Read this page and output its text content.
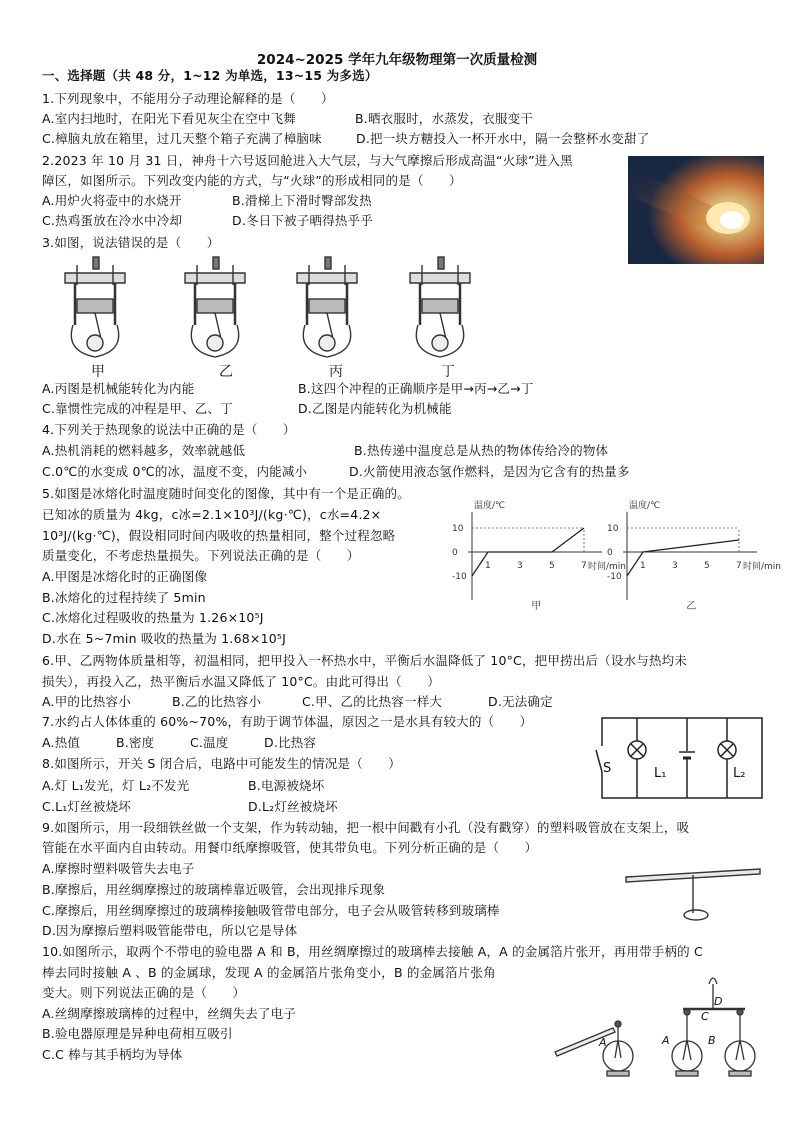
2024~2025 学年九年级物理第一次质量检测
一、选择题（共 48 分，1~12 为单选，13~15 为多选）
1.下列现象中，不能用分子动理论解释的是（　　）
A.室内扫地时，在阳光下看见灰尘在空中飞舞	B.晒衣服时，水蒸发，衣服变干
C.樟脑丸放在箱里，过几天整个箱子充满了樟脑味	D.把一块方糖投入一杯开水中，隔一会整杯水变甜了
2.2023 年 10 月 31 日，神舟十六号返回舱进入大气层，与大气摩擦后形成高温“火球”进入黑
障区，如图所示。下列改变内能的方式，与“火球”的形成相同的是（　　）
A.用炉火将壶中的水烧开	B.滑梯上下滑时臀部发热
C.热鸡蛋放在冷水中冷却	D.冬日下被子晒得热乎乎
3.如图，说法错误的是（　　）
甲	乙	丙	丁
A.丙图是机械能转化为内能	B.这四个冲程的正确顺序是甲→丙→乙→丁
C.靠惯性完成的冲程是甲、乙、丁	D.乙图是内能转化为机械能
4.下列关于热现象的说法中正确的是（　　）
A.热机消耗的燃料越多，效率就越低	B.热传递中温度总是从热的物体传给冷的物体
C.0℃的水变成 0℃的冰，温度不变，内能减小	D.火箭使用液态氢作燃料，是因为它含有的热量多
5.如图是冰熔化时温度随时间变化的图像，其中有一个是正确的。
已知冰的质量为 4kg，c冰=2.1×10³J/(kg·℃)，c水=4.2×
10³J/(kg·℃)，假设相同时间内吸收的热量相同，整个过程忽略
质量变化，不考虑热量损失。下列说法正确的是（　　）
A.甲图是冰熔化时的正确图像
B.冰熔化的过程持续了 5min
C.冰熔化过程吸收的热量为 1.26×10⁵J
D.水在 5~7min 吸收的热量为 1.68×10⁵J
温度/℃
时间/min
1	3	5	7
10
0
-10
甲
温度/℃
时间/min
1	3	5	7
10
0
-10
乙
6.甲、乙两物体质量相等，初温相同，把甲投入一杯热水中，平衡后水温降低了 10°C，把甲捞出后（设水与热均未
损失），再投入乙，热平衡后水温又降低了 10°C。由此可得出（　　）
A.甲的比热容小	B.乙的比热容小	C.甲、乙的比热容一样大	D.无法确定
7.水约占人体体重的 60%~70%，有助于调节体温，原因之一是水具有较大的（　　）
A.热值	B.密度	C.温度	D.比热容
8.如图所示，开关 S 闭合后，电路中可能发生的情况是（　　）
A.灯 L₁发光，灯 L₂不发光	B.电源被烧坏
C.L₁灯丝被烧坏	D.L₂灯丝被烧坏
S	L₁	L₂
9.如图所示，用一段细铁丝做一个支架，作为转动轴，把一根中间戳有小孔（没有戳穿）的塑料吸管放在支架上，吸
管能在水平面内自由转动。用餐巾纸摩擦吸管，使其带负电。下列分析正确的是（　　）
A.摩擦时塑料吸管失去电子
B.摩擦后，用丝绸摩擦过的玻璃棒靠近吸管，会出现排斥现象
C.摩擦后，用丝绸摩擦过的玻璃棒接触吸管带电部分，电子会从吸管转移到玻璃棒
D.因为摩擦后塑料吸管能带电，所以它是导体
10.如图所示，取两个不带电的验电器 A 和 B，用丝绸摩擦过的玻璃棒去接触 A，A 的金属箔片张开，再用带手柄的 C
棒去同时接触 A 、B 的金属球，发现 A 的金属箔片张角变小，B 的金属箔片张角
变大。则下列说法正确的是（　　）
A.丝绸摩擦玻璃棒的过程中，丝绸失去了电子
B.验电器原理是异种电荷相互吸引
C.C 棒与其手柄均为导体
A	A	B
C
D
